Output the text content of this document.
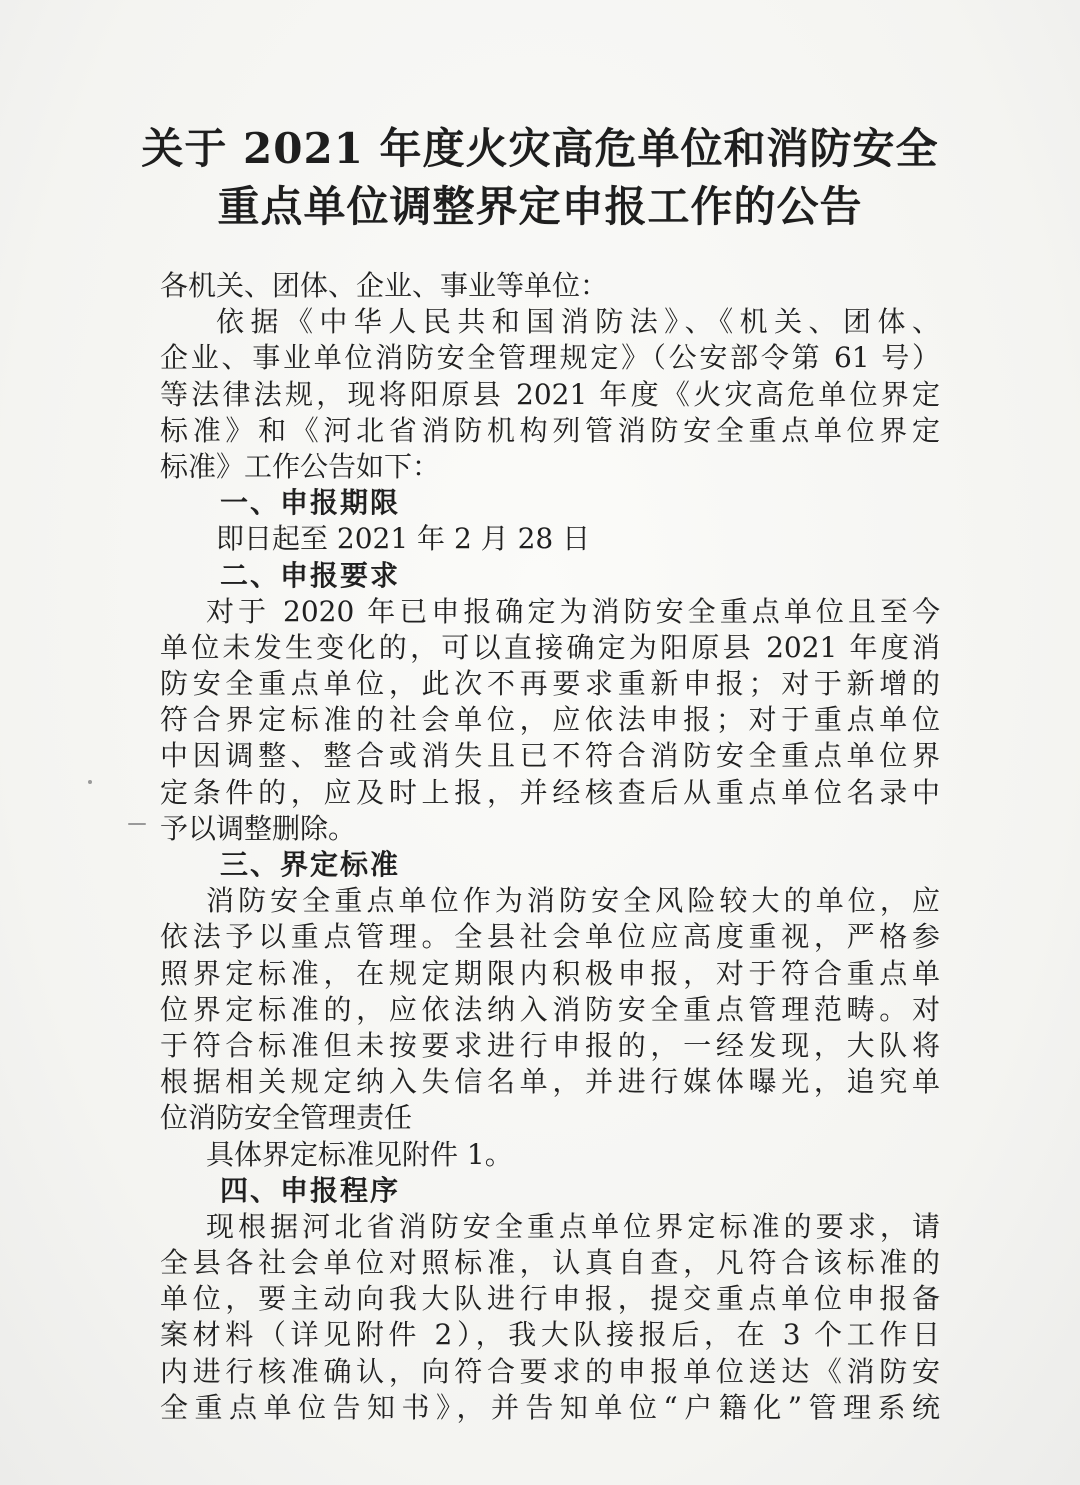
关于 2021 年度火灾高危单位和消防安全
重点单位调整界定申报工作的公告
各机关、团体、企业、事业等单位：
依据《中华人民共和国消防法》、《机关、团体、
企业、事业单位消防安全管理规定》（公安部令第 61 号）
等法律法规，现将阳原县 2021 年度《火灾高危单位界定
标准》和《河北省消防机构列管消防安全重点单位界定
标准》工作公告如下：
一、申报期限
即日起至 2021 年 2 月 28 日
二、申报要求
对于 2020 年已申报确定为消防安全重点单位且至今
单位未发生变化的，可以直接确定为阳原县 2021 年度消
防安全重点单位，此次不再要求重新申报；对于新增的
符合界定标准的社会单位，应依法申报；对于重点单位
中因调整、整合或消失且已不符合消防安全重点单位界
定条件的，应及时上报，并经核查后从重点单位名录中
予以调整删除。
三、界定标准
消防安全重点单位作为消防安全风险较大的单位，应
依法予以重点管理。全县社会单位应高度重视，严格参
照界定标准，在规定期限内积极申报，对于符合重点单
位界定标准的，应依法纳入消防安全重点管理范畴。对
于符合标准但未按要求进行申报的，一经发现，大队将
根据相关规定纳入失信名单，并进行媒体曝光，追究单
位消防安全管理责任
具体界定标准见附件 1。
四、申报程序
现根据河北省消防安全重点单位界定标准的要求，请
全县各社会单位对照标准，认真自查，凡符合该标准的
单位，要主动向我大队进行申报，提交重点单位申报备
案材料（详见附件 2），我大队接报后，在 3 个工作日
内进行核准确认，向符合要求的申报单位送达《消防安
全重点单位告知书》，并告知单位“户籍化”管理系统
